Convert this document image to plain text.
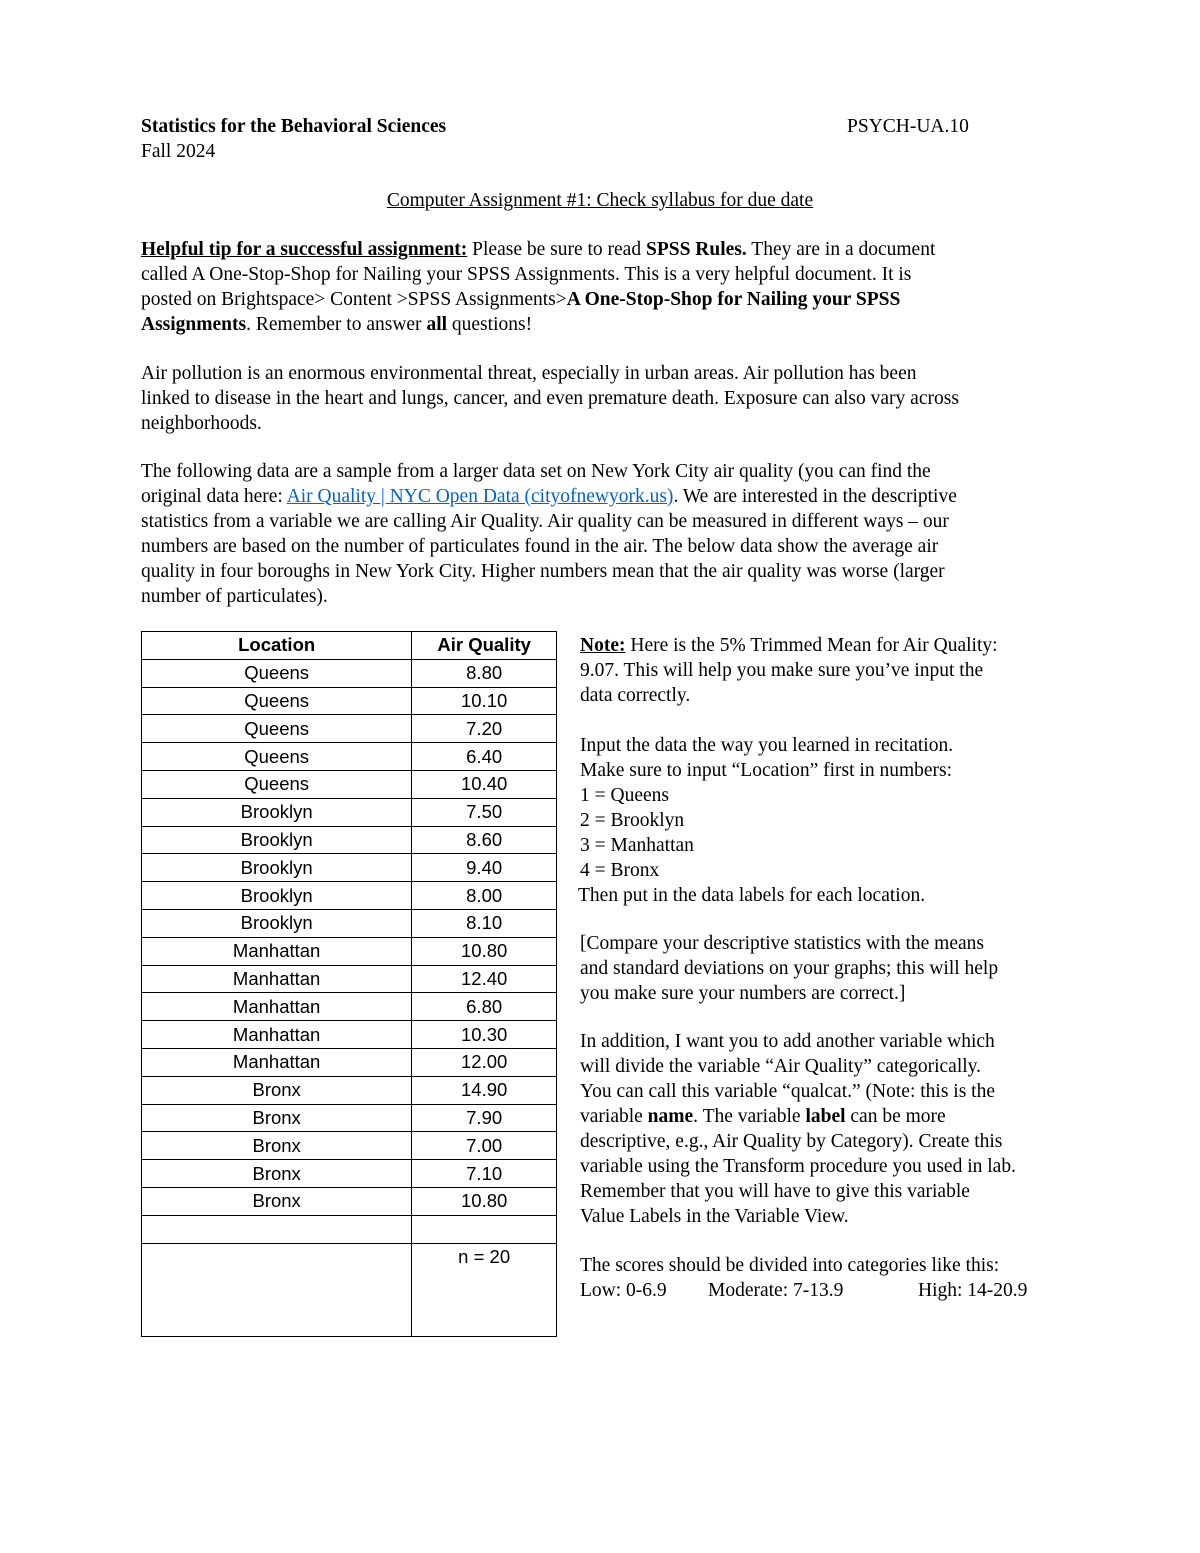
Statistics for the Behavioral Sciences	PSYCH-UA.10
Fall 2024
Computer Assignment #1: Check syllabus for due date
Helpful tip for a successful assignment: Please be sure to read SPSS Rules. They are in a document
called A One-Stop-Shop for Nailing your SPSS Assignments. This is a very helpful document. It is
posted on Brightspace> Content >SPSS Assignments>A One-Stop-Shop for Nailing your SPSS
Assignments. Remember to answer all questions!
Air pollution is an enormous environmental threat, especially in urban areas. Air pollution has been
linked to disease in the heart and lungs, cancer, and even premature death. Exposure can also vary across
neighborhoods.
The following data are a sample from a larger data set on New York City air quality (you can find the
original data here: Air Quality | NYC Open Data (cityofnewyork.us). We are interested in the descriptive
statistics from a variable we are calling Air Quality. Air quality can be measured in different ways – our
numbers are based on the number of particulates found in the air. The below data show the average air
quality in four boroughs in New York City. Higher numbers mean that the air quality was worse (larger
number of particulates).
Location	Air Quality
Queens	8.80
Queens	10.10
Queens	7.20
Queens	6.40
Queens	10.40
Brooklyn	7.50
Brooklyn	8.60
Brooklyn	9.40
Brooklyn	8.00
Brooklyn	8.10
Manhattan	10.80
Manhattan	12.40
Manhattan	6.80
Manhattan	10.30
Manhattan	12.00
Bronx	14.90
Bronx	7.90
Bronx	7.00
Bronx	7.10
Bronx	10.80

	n = 20
Note: Here is the 5% Trimmed Mean for Air Quality:
9.07. This will help you make sure you’ve input the
data correctly.
Input the data the way you learned in recitation.
Make sure to input “Location” first in numbers:
1 = Queens
2 = Brooklyn
3 = Manhattan
4 = Bronx
Then put in the data labels for each location.
[Compare your descriptive statistics with the means
and standard deviations on your graphs; this will help
you make sure your numbers are correct.]
In addition, I want you to add another variable which
will divide the variable “Air Quality” categorically.
You can call this variable “qualcat.” (Note: this is the
variable name. The variable label can be more
descriptive, e.g., Air Quality by Category). Create this
variable using the Transform procedure you used in lab.
Remember that you will have to give this variable
Value Labels in the Variable View.
The scores should be divided into categories like this:
Low: 0-6.9 Moderate: 7-13.9	High: 14-20.9
